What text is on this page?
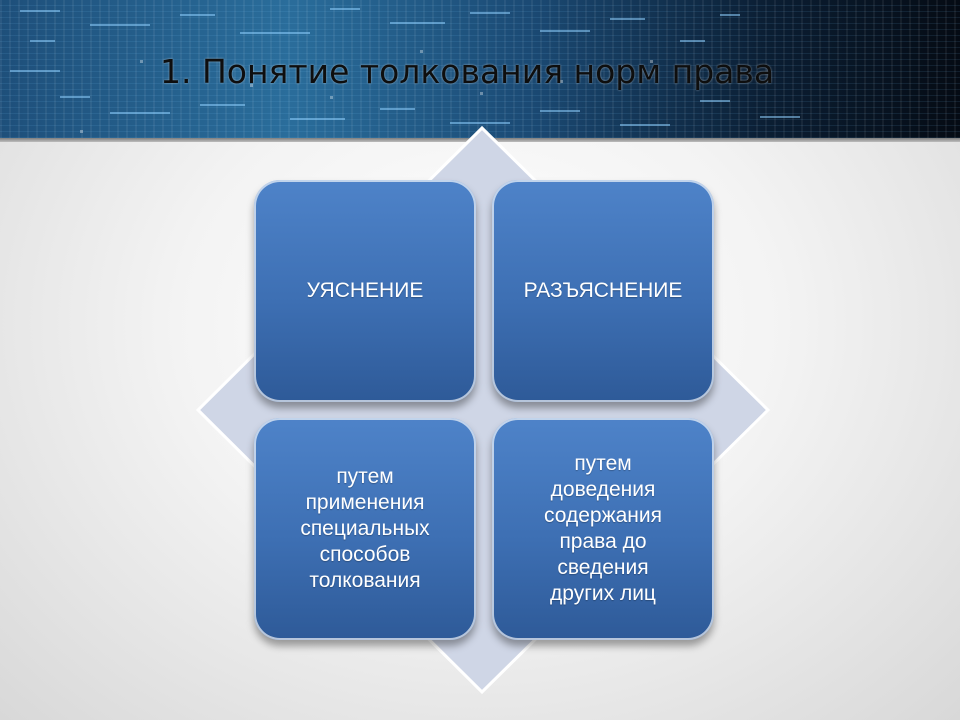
1. Понятие толкования норм права
УЯСНЕНИЕ	РАЗЪЯСНЕНИЕ
путем
применения
специальных
способов
толкования
путем
доведения
содержания
права до
сведения
других лиц
